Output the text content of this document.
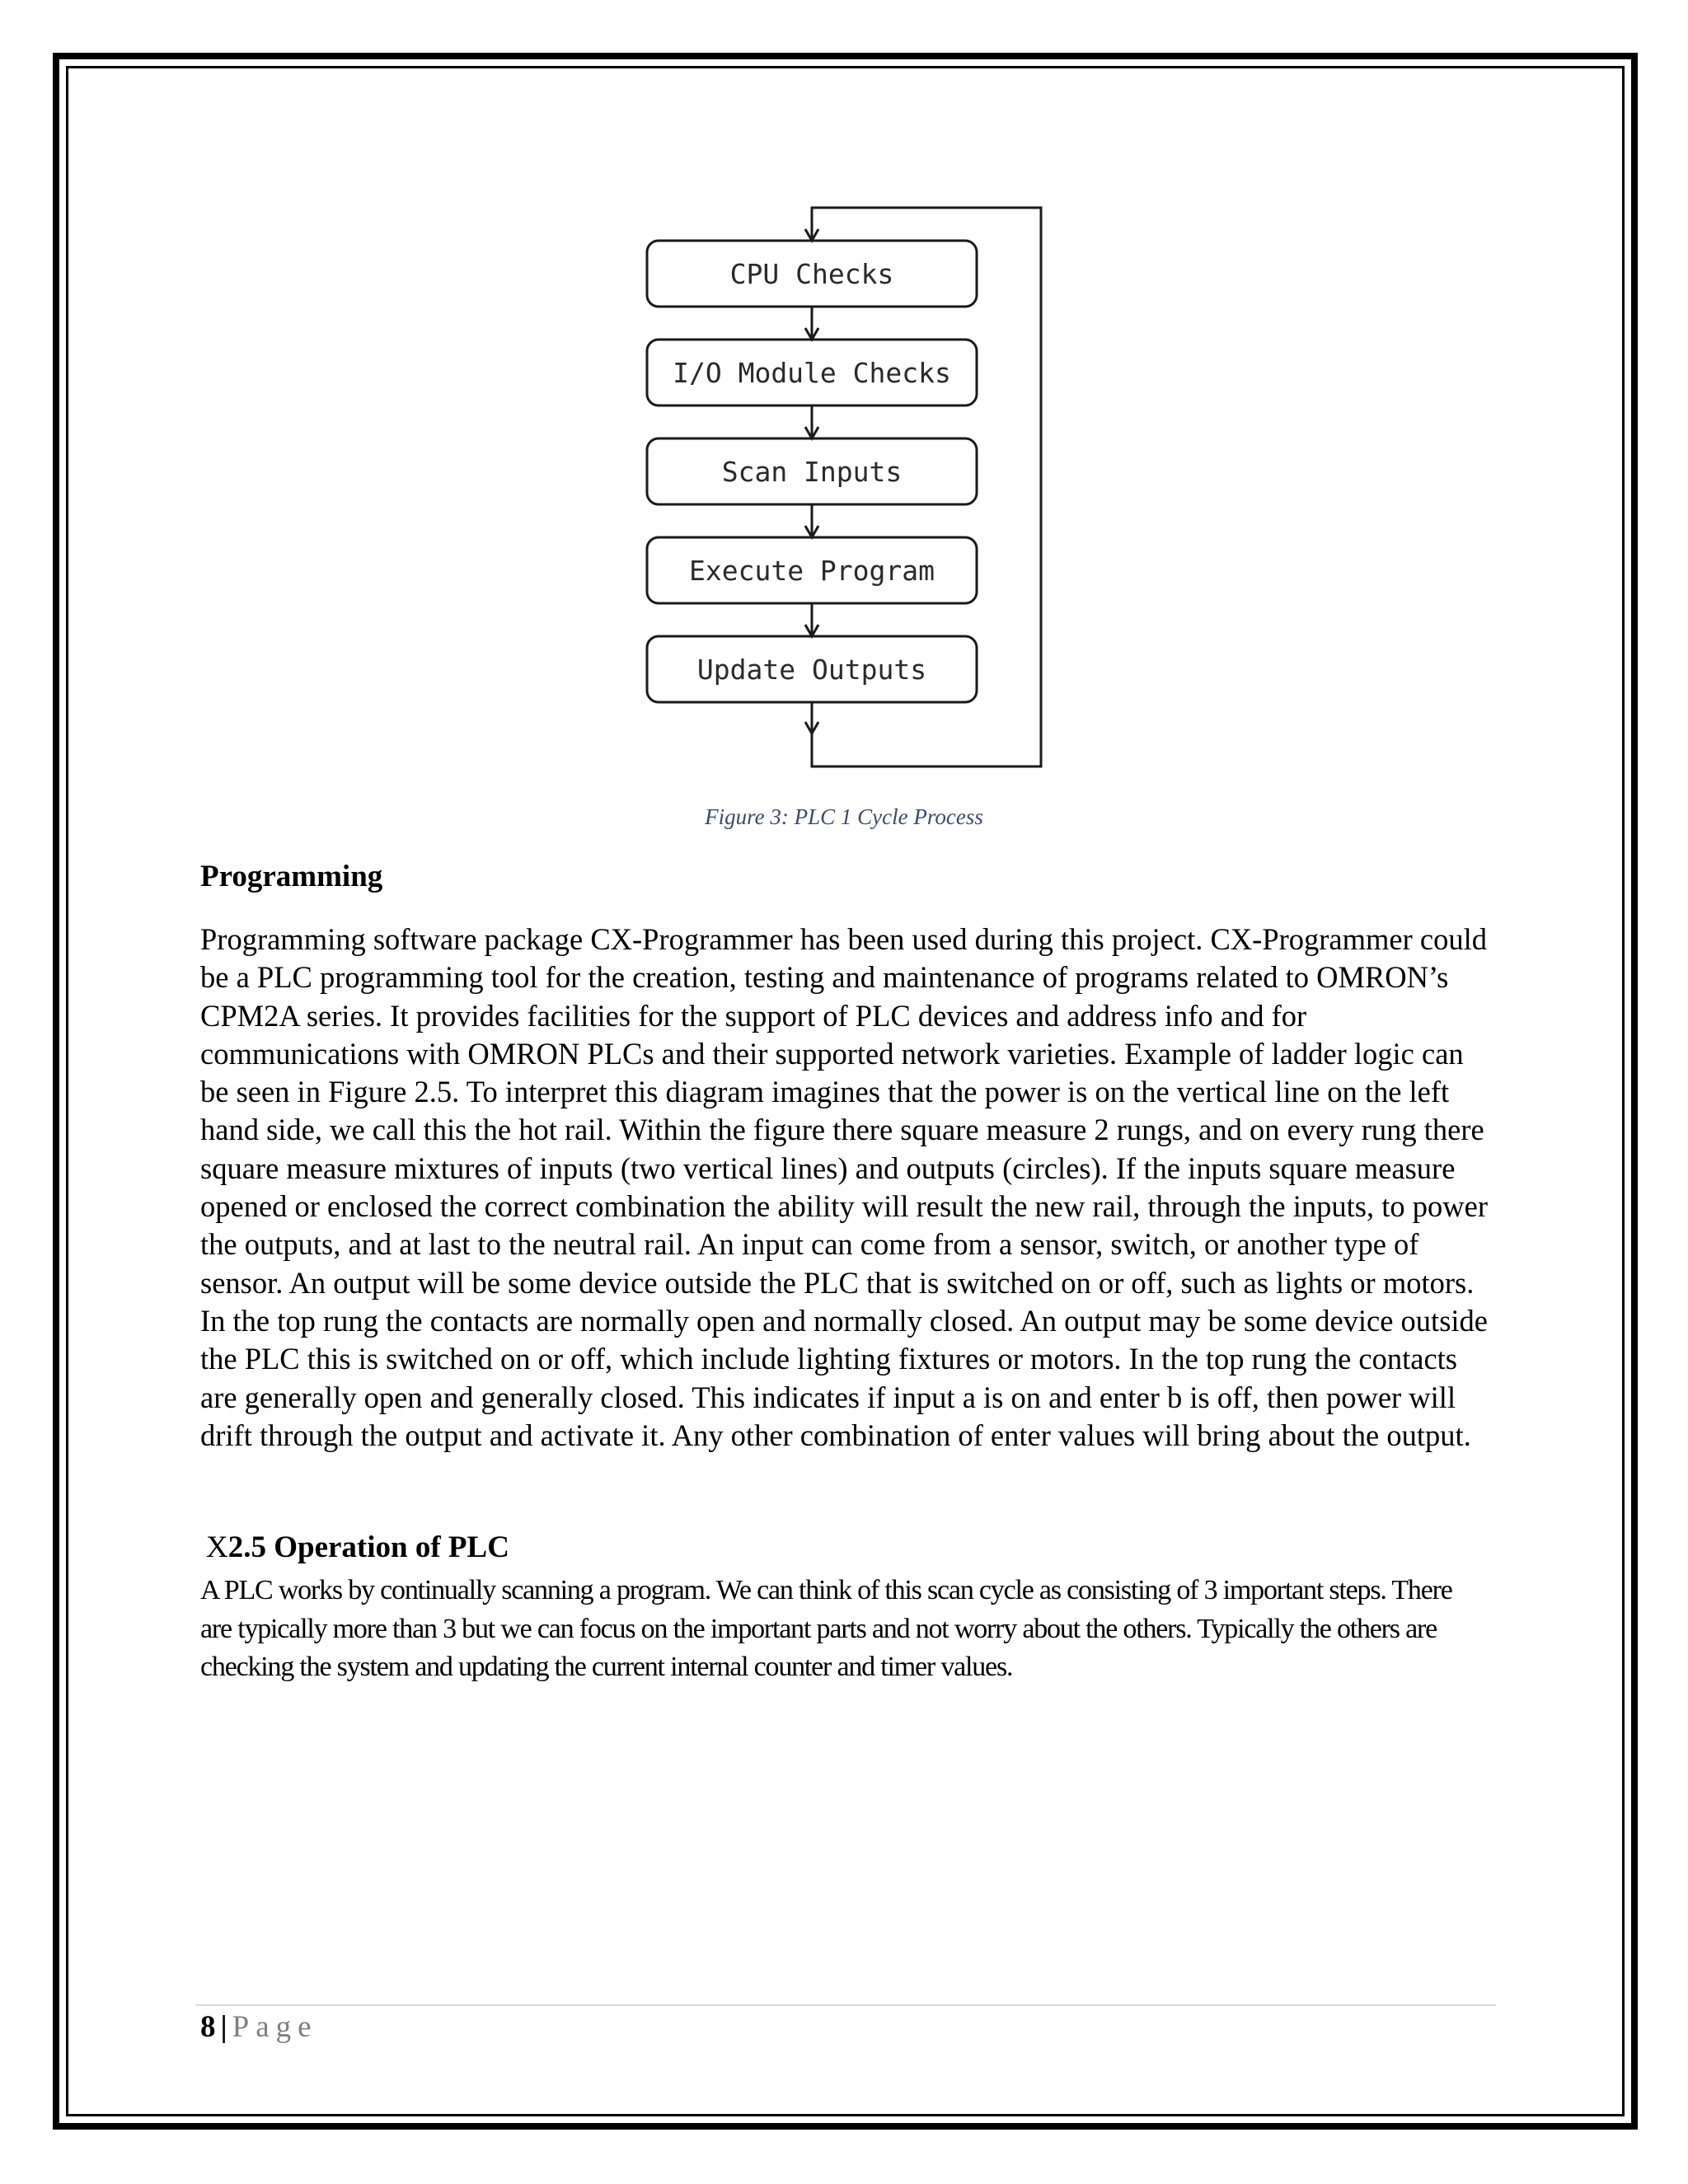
CPU Checks
I/O Module Checks
Scan Inputs
Execute Program
Update Outputs
Figure 3: PLC 1 Cycle Process
Programming

Programming software package CX-Programmer has been used during this project. CX-Programmer could be a PLC programming tool for the creation, testing and maintenance of programs related to OMRON’s CPM2A series. It provides facilities for the support of PLC devices and address info and for communications with OMRON PLCs and their supported network varieties. Example of ladder logic can be seen in Figure 2.5. To interpret this diagram imagines that the power is on the vertical line on the left hand side, we call this the hot rail. Within the figure there square measure 2 rungs, and on every rung there square measure mixtures of inputs (two vertical lines) and outputs (circles). If the inputs square measure opened or enclosed the correct combination the ability will result the new rail, through the inputs, to power the outputs, and at last to the neutral rail. An input can come from a sensor, switch, or another type of sensor. An output will be some device outside the PLC that is switched on or off, such as lights or motors. In the top rung the contacts are normally open and normally closed. An output may be some device outside the PLC this is switched on or off, which include lighting fixtures or motors. In the top rung the contacts are generally open and generally closed. This indicates if input a is on and enter b is off, then power will drift through the output and activate it. Any other combination of enter values will bring about the output.

X2.5 Operation of PLC

A PLC works by continually scanning a program. We can think of this scan cycle as consisting of 3 important steps. There are typically more than 3 but we can focus on the important parts and not worry about the others. Typically the others are checking the system and updating the current internal counter and timer values.

8 | Page
